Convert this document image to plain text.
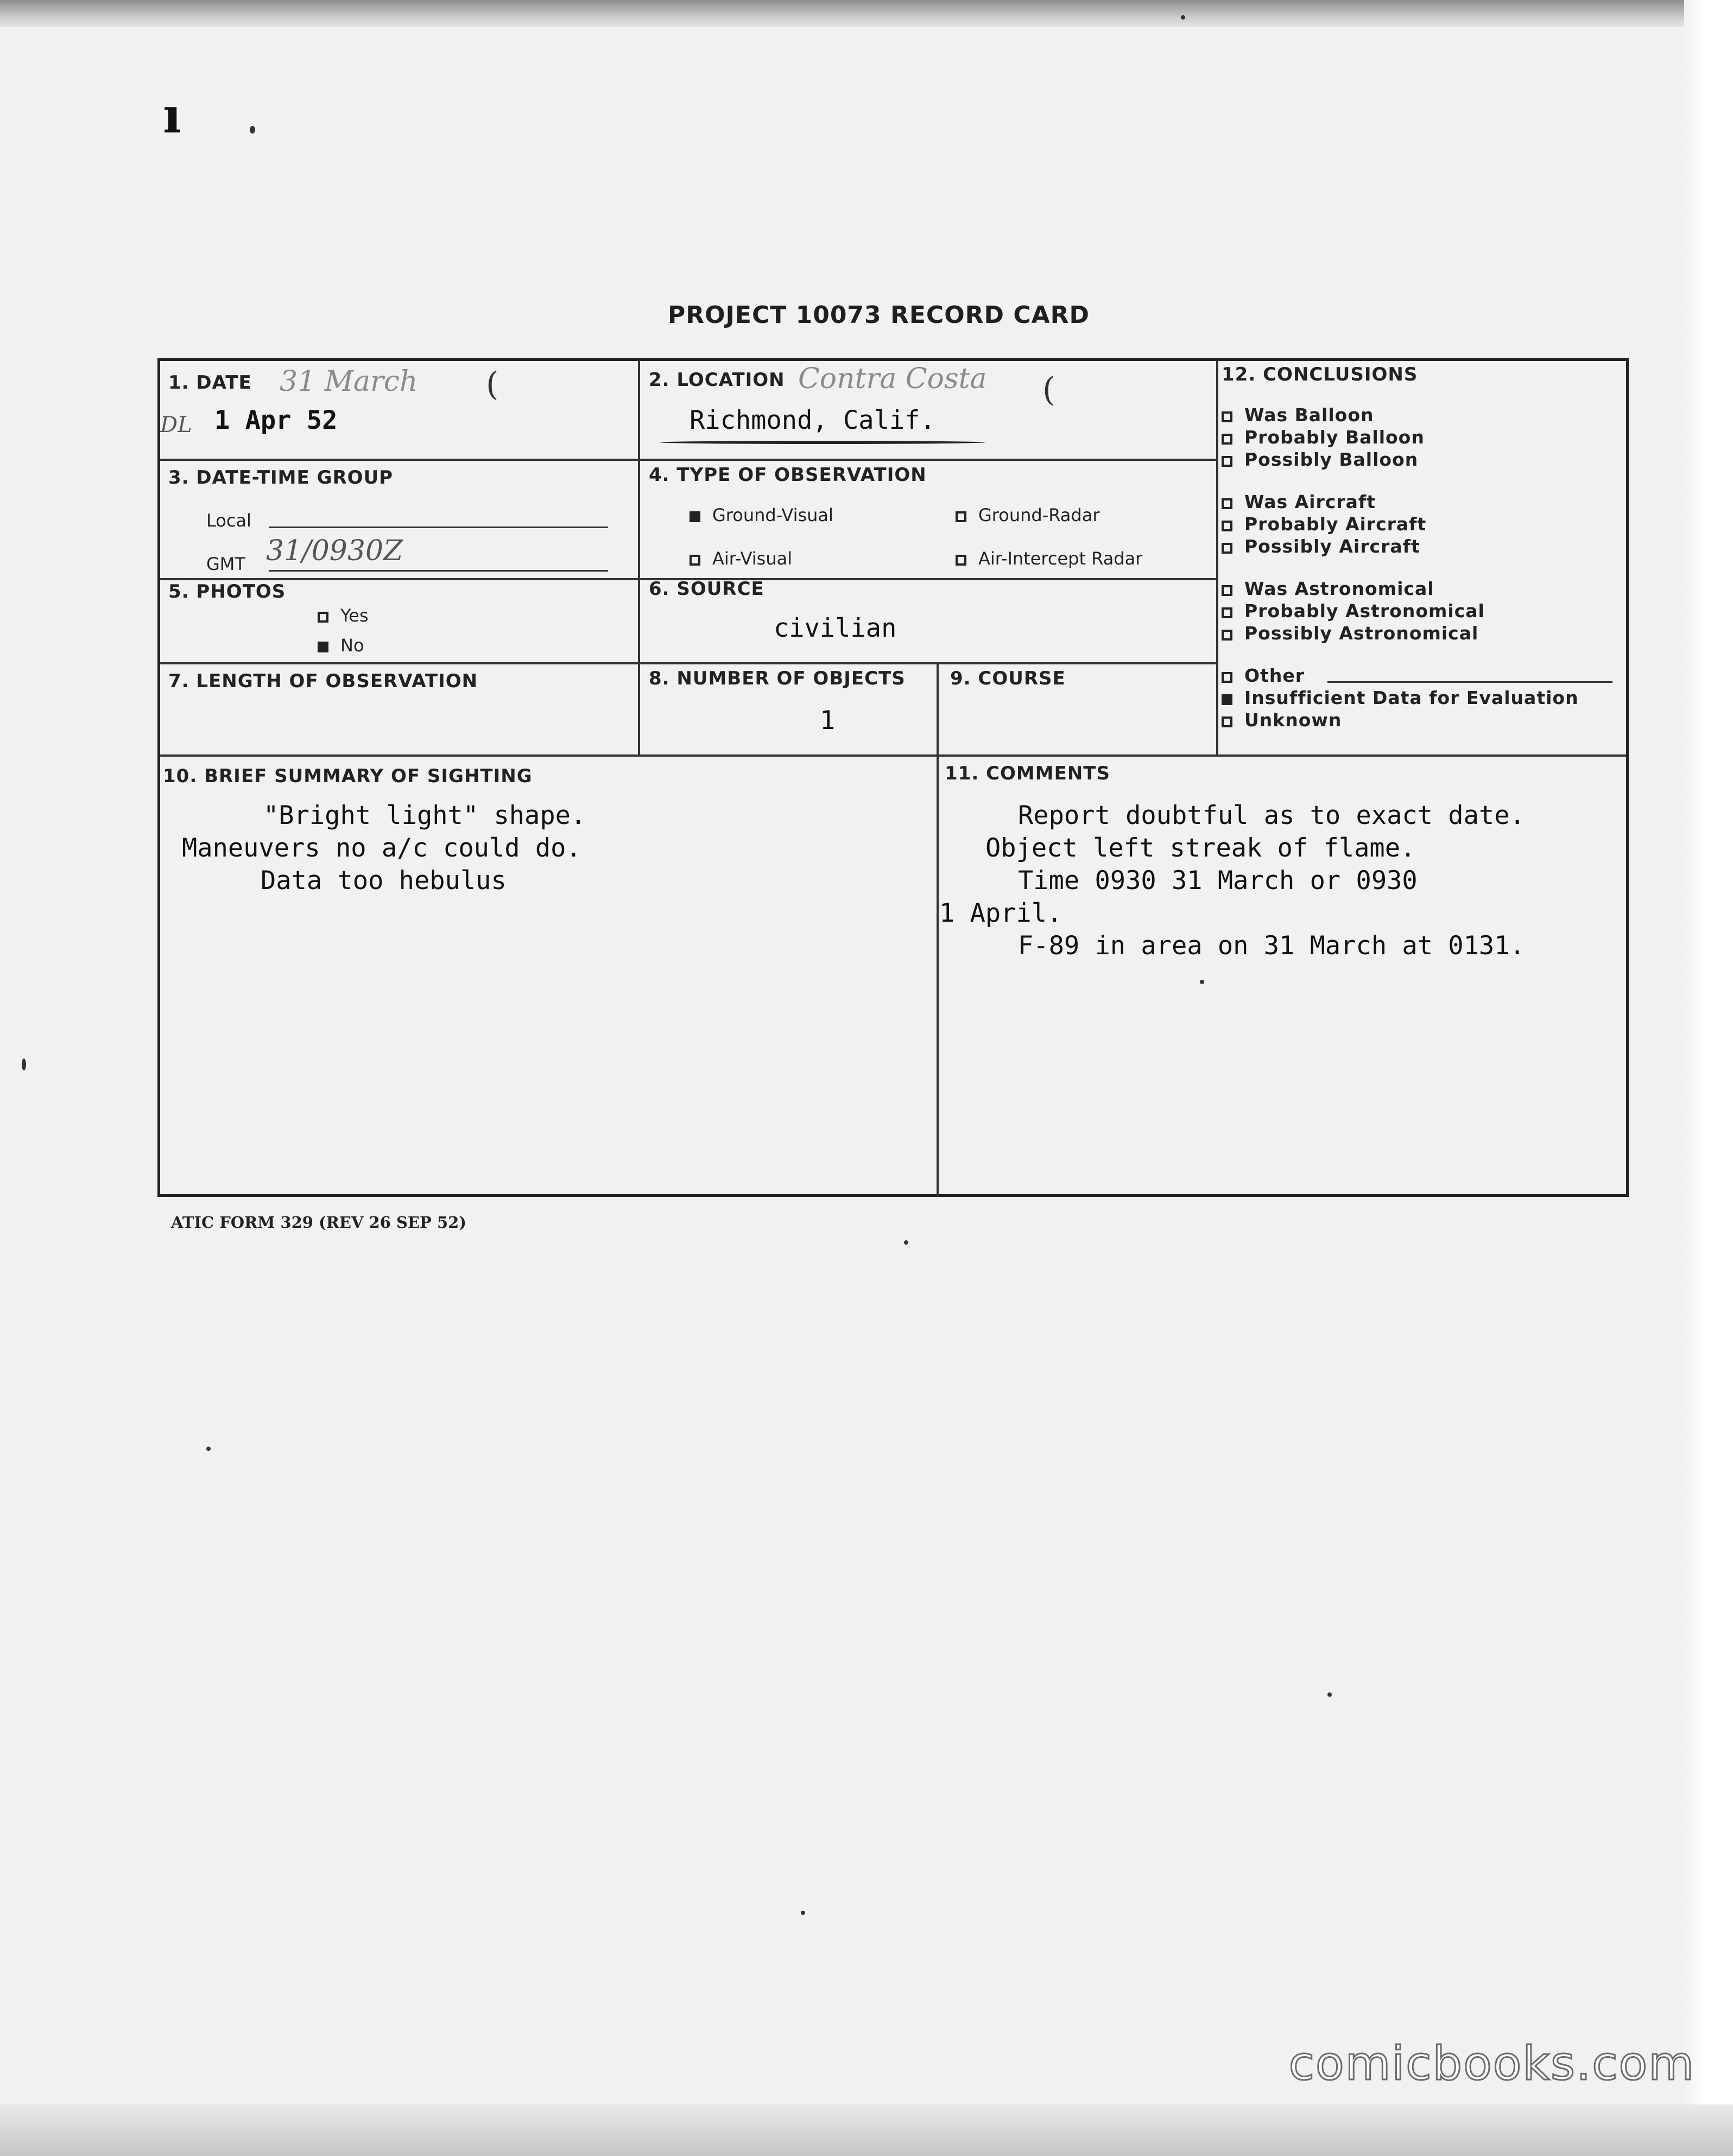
ı
PROJECT 10073 RECORD CARD
1. DATE 31 March (
DL 1 Apr 52
2. LOCATION Contra Costa (
Richmond, Calif.
3. DATE-TIME GROUP
Local
GMT 31/0930Z
4. TYPE OF OBSERVATION
Ground-Visual	Ground-Radar
Air-Visual	Air-Intercept Radar
5. PHOTOS
Yes
No
6. SOURCE
civilian
7. LENGTH OF OBSERVATION	8. NUMBER OF OBJECTS
1
9. COURSE
10. BRIEF SUMMARY OF SIGHTING
"Bright light" shape.
Maneuvers no a/c could do.
Data too hebulus
11. COMMENTS
Report doubtful as to exact date.
Object left streak of flame.
Time 0930 31 March or 0930
1 April.
F-89 in area on 31 March at 0131.
12. CONCLUSIONS
Was Balloon
Probably Balloon
Possibly Balloon
Was Aircraft
Probably Aircraft
Possibly Aircraft
Was Astronomical
Probably Astronomical
Possibly Astronomical
Other
Insufficient Data for Evaluation
Unknown
ATIC FORM 329 (REV 26 SEP 52)
comicbooks.com
